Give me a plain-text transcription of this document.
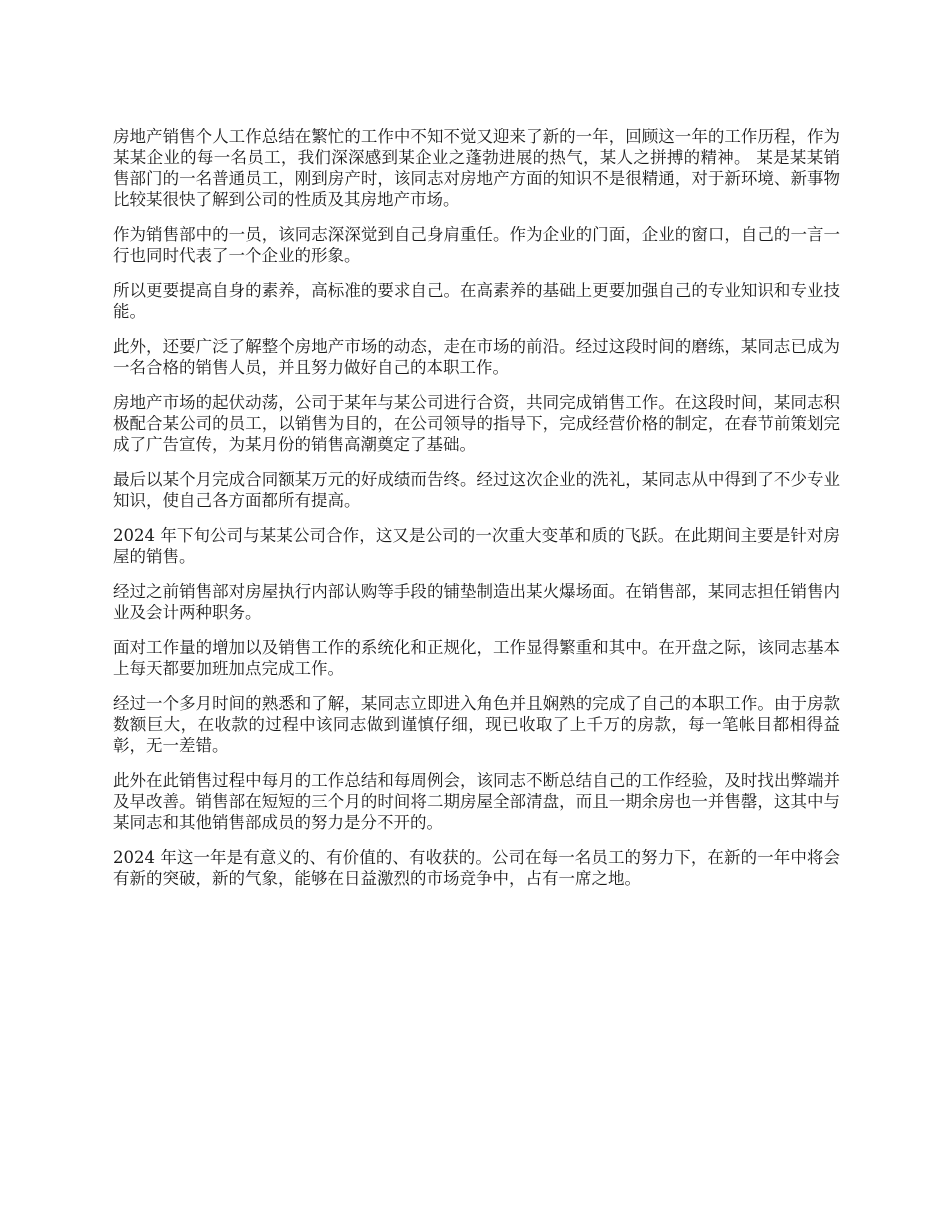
房地产销售个人工作总结在繁忙的工作中不知不觉又迎来了新的一年，回顾这一年的工作历程，作为某某企业的每一名员工，我们深深感到某企业之蓬勃进展的热气，某人之拼搏的精神。 某是某某销售部门的一名普通员工，刚到房产时，该同志对房地产方面的知识不是很精通，对于新环境、新事物比较某很快了解到公司的性质及其房地产市场。

作为销售部中的一员，该同志深深觉到自己身肩重任。作为企业的门面，企业的窗口，自己的一言一行也同时代表了一个企业的形象。

所以更要提高自身的素养，高标准的要求自己。在高素养的基础上更要加强自己的专业知识和专业技能。

此外，还要广泛了解整个房地产市场的动态，走在市场的前沿。经过这段时间的磨练，某同志已成为一名合格的销售人员，并且努力做好自己的本职工作。

房地产市场的起伏动荡，公司于某年与某公司进行合资，共同完成销售工作。在这段时间，某同志积极配合某公司的员工，以销售为目的，在公司领导的指导下，完成经营价格的制定，在春节前策划完成了广告宣传，为某月份的销售高潮奠定了基础。

最后以某个月完成合同额某万元的好成绩而告终。经过这次企业的洗礼，某同志从中得到了不少专业知识，使自己各方面都所有提高。

2024 年下旬公司与某某公司合作，这又是公司的一次重大变革和质的飞跃。在此期间主要是针对房屋的销售。

经过之前销售部对房屋执行内部认购等手段的铺垫制造出某火爆场面。在销售部，某同志担任销售内业及会计两种职务。

面对工作量的增加以及销售工作的系统化和正规化，工作显得繁重和其中。在开盘之际，该同志基本上每天都要加班加点完成工作。

经过一个多月时间的熟悉和了解，某同志立即进入角色并且娴熟的完成了自己的本职工作。由于房款数额巨大，在收款的过程中该同志做到谨慎仔细，现已收取了上千万的房款，每一笔帐目都相得益彰，无一差错。

此外在此销售过程中每月的工作总结和每周例会，该同志不断总结自己的工作经验，及时找出弊端并及早改善。销售部在短短的三个月的时间将二期房屋全部清盘，而且一期余房也一并售罄，这其中与某同志和其他销售部成员的努力是分不开的。

2024 年这一年是有意义的、有价值的、有收获的。公司在每一名员工的努力下，在新的一年中将会有新的突破，新的气象，能够在日益激烈的市场竞争中，占有一席之地。
